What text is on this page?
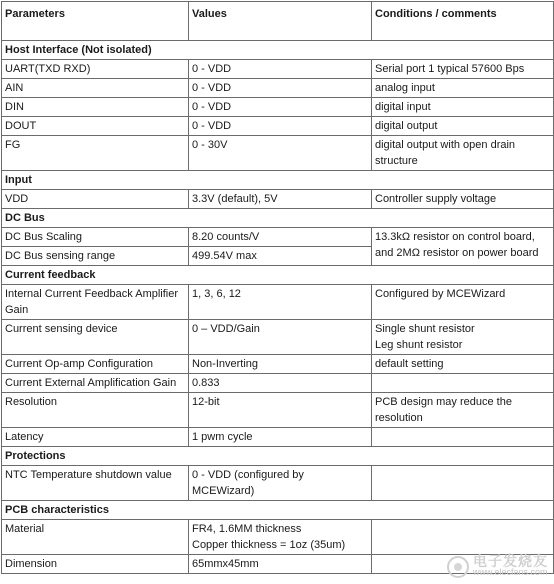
Parameters	Values	Conditions / comments
Host Interface (Not isolated)		
UART(TXD RXD)	0 - VDD	Serial port 1 typical 57600 Bps
AIN	0 - VDD	analog input
DIN	0 - VDD	digital input
DOUT	0 - VDD	digital output
FG	0 - 30V	digital output with open drain structure
Input		
VDD	3.3V (default), 5V	Controller supply voltage
DC Bus		
DC Bus Scaling	8.20 counts/V	13.3kΩ resistor on control board, and 2MΩ resistor on power board
DC Bus sensing range	499.54V max	
Current feedback		
Internal Current Feedback Amplifier Gain	1, 3, 6, 12	Configured by MCEWizard
Current sensing device	0 – VDD/Gain	Single shunt resistor
Leg shunt resistor

Current Op-amp Configuration	Non-Inverting	default setting
Current External Amplification Gain	0.833	
Resolution	12-bit	PCB design may reduce the resolution
Latency	1 pwm cycle	
Protections		
NTC Temperature shutdown value	0 - VDD (configured by MCEWizard)	
PCB characteristics		
Material	FR4, 1.6MM thickness
Copper thickness = 1oz (35um)	

Dimension	65mmx45mm		电子发烧友
www.elecfans.com
